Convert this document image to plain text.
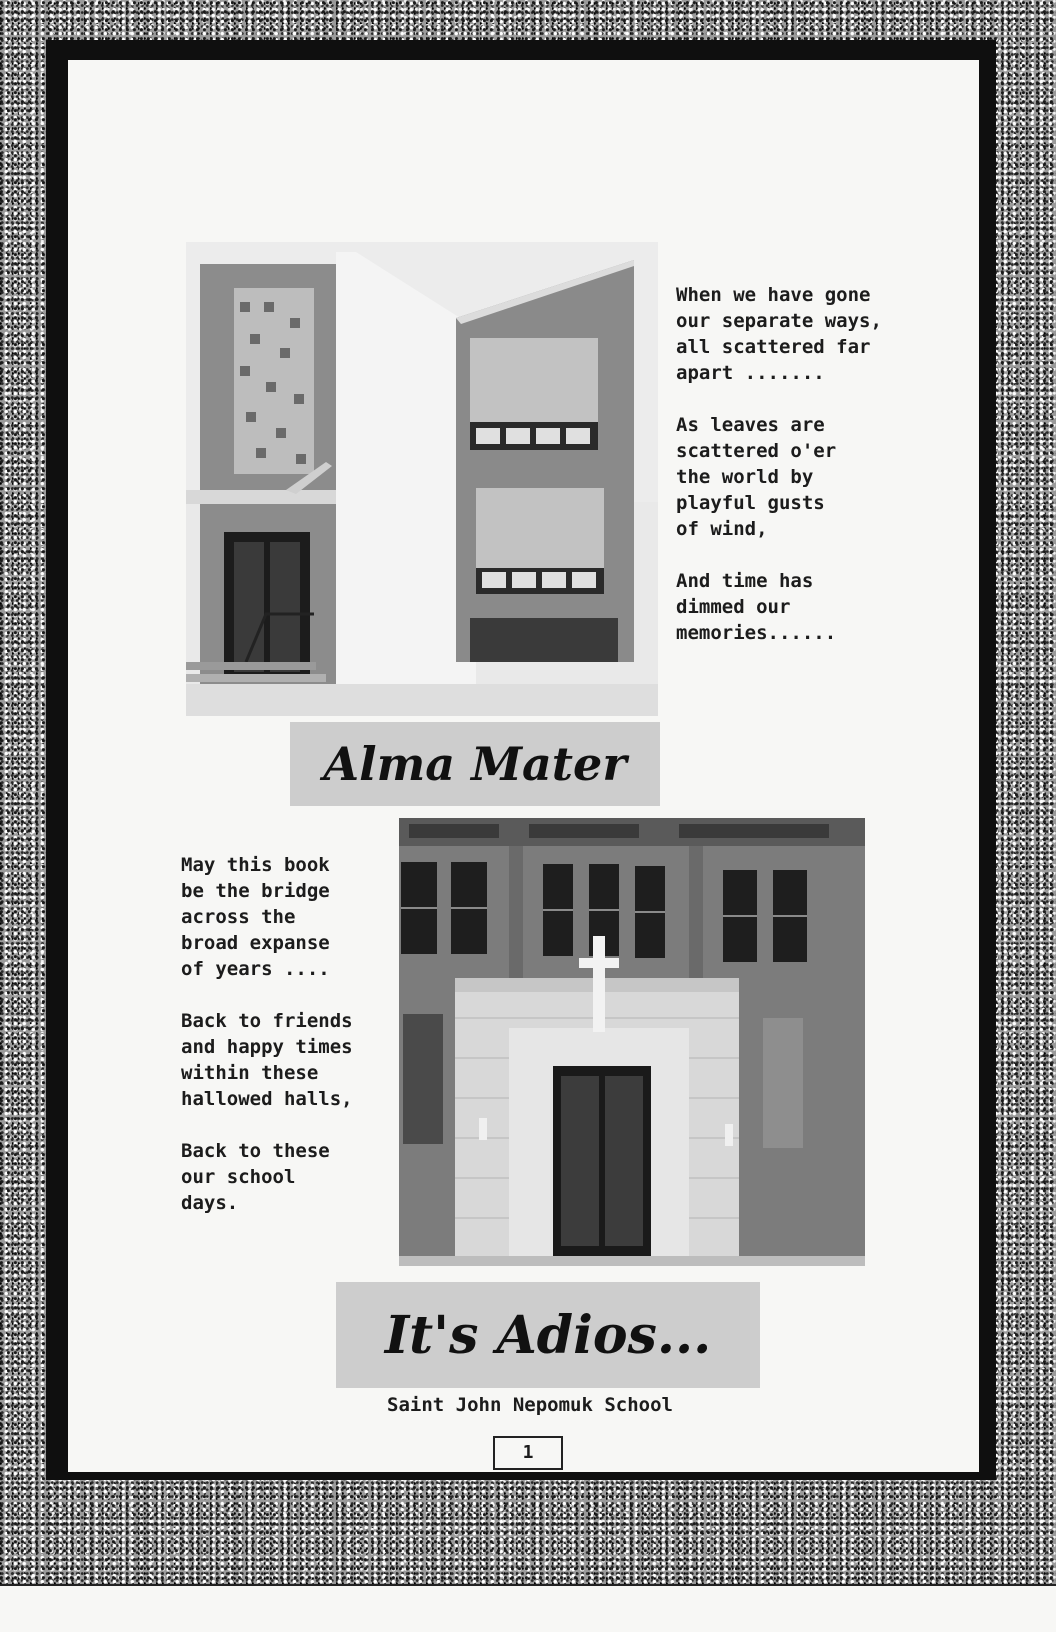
When we have gone
our separate ways,
all scattered far
apart .......

As leaves are
scattered o'er
the world by
playful gusts
of wind,

And time has
dimmed our
memories......

Alma Mater

May this book
be the bridge
across the
broad expanse
of years ....

Back to friends
and happy times
within these
hallowed halls,

Back to these
our school
days.

It's Adios...
Saint John Nepomuk School
1
